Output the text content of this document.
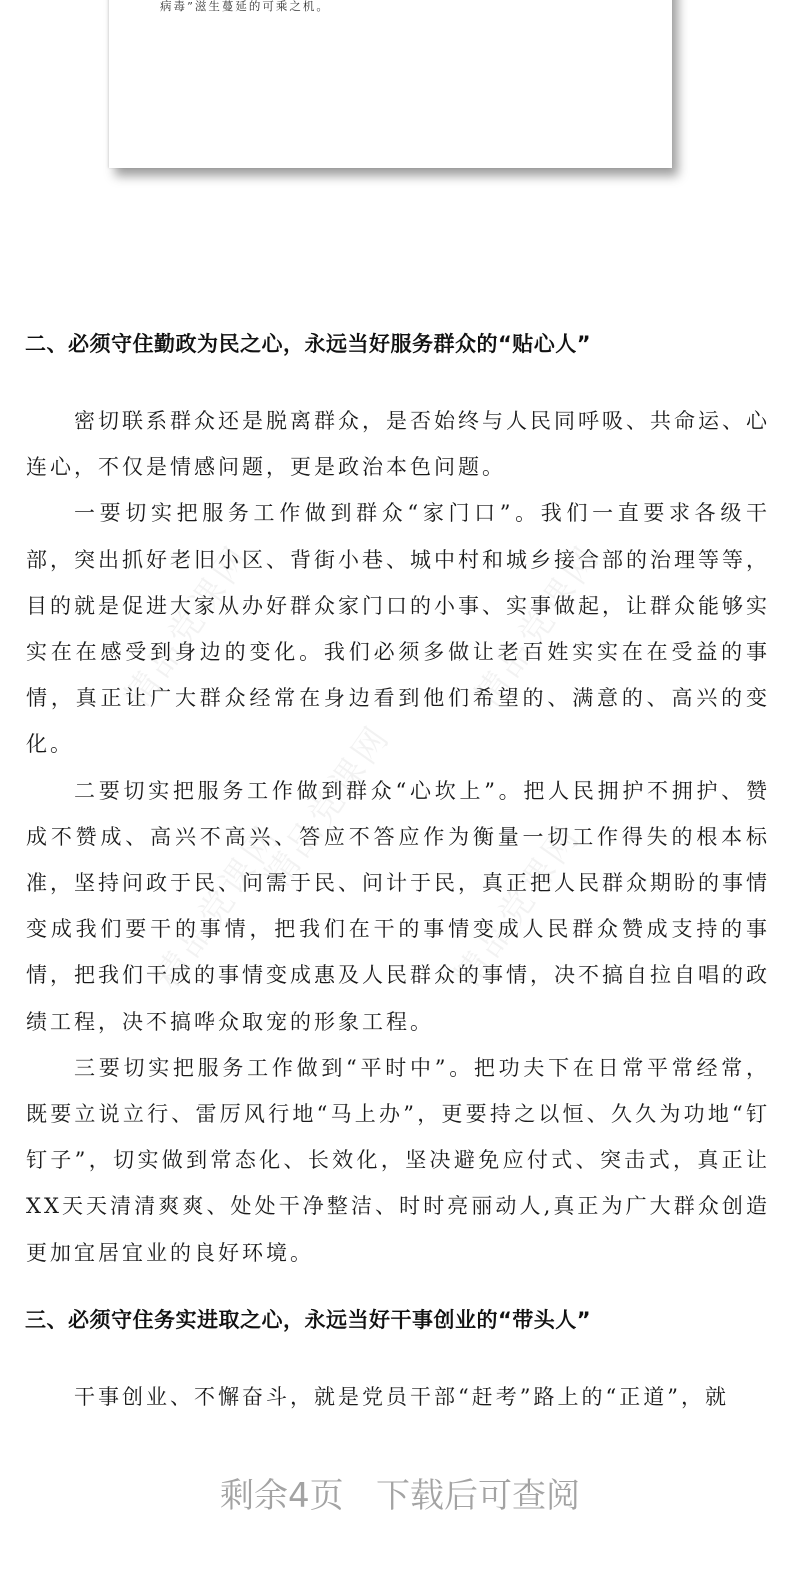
病毒”滋生蔓延的可乘之机。
精品党课网	精品党课网
精品党课网
精品党课网	精品党课网
二、必须守住勤政为民之心，永远当好服务群众的“贴心人”

密切联系群众还是脱离群众，是否始终与人民同呼吸、共命运、心连心，不仅是情感问题，更是政治本色问题。

一要切实把服务工作做到群众“家门口”。我们一直要求各级干部，突出抓好老旧小区、背街小巷、城中村和城乡接合部的治理等等，目的就是促进大家从办好群众家门口的小事、实事做起，让群众能够实实在在感受到身边的变化。我们必须多做让老百姓实实在在受益的事情，真正让广大群众经常在身边看到他们希望的、满意的、高兴的变化。

二要切实把服务工作做到群众“心坎上”。把人民拥护不拥护、赞成不赞成、高兴不高兴、答应不答应作为衡量一切工作得失的根本标准，坚持问政于民、问需于民、问计于民，真正把人民群众期盼的事情变成我们要干的事情，把我们在干的事情变成人民群众赞成支持的事情，把我们干成的事情变成惠及人民群众的事情，决不搞自拉自唱的政绩工程，决不搞哗众取宠的形象工程。

三要切实把服务工作做到“平时中”。把功夫下在日常平常经常，既要立说立行、雷厉风行地“马上办”，更要持之以恒、久久为功地“钉钉子”，切实做到常态化、长效化，坚决避免应付式、突击式，真正让XX天天清清爽爽、处处干净整洁、时时亮丽动人,真正为广大群众创造更加宜居宜业的良好环境。

三、必须守住务实进取之心，永远当好干事创业的“带头人”

干事创业、不懈奋斗，就是党员干部“赶考”路上的“正道”，就

剩余4页 下载后可查阅
